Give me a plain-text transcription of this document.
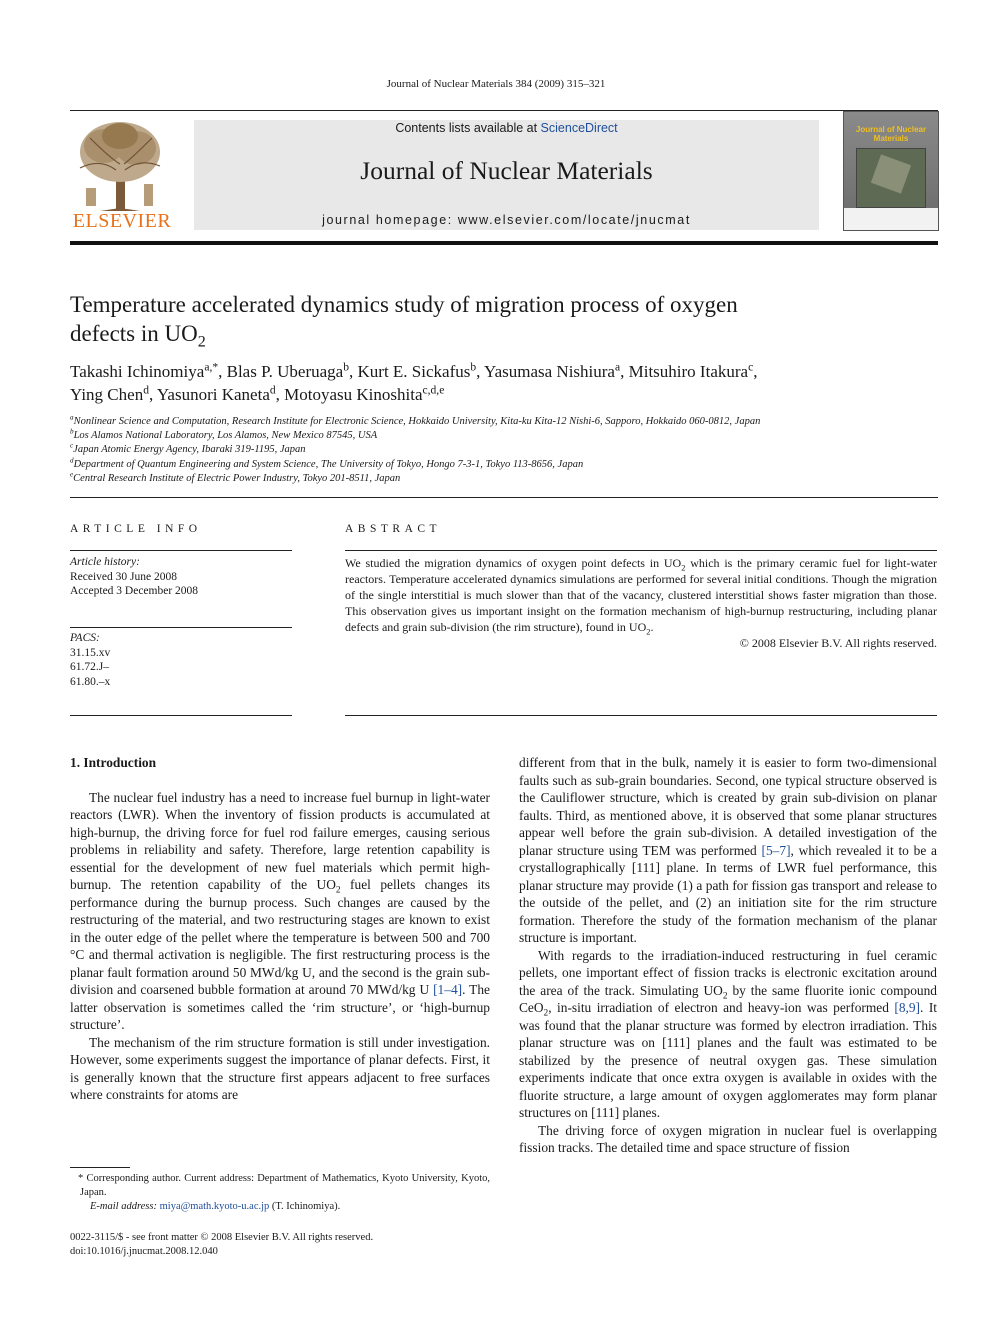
Journal of Nuclear Materials 384 (2009) 315–321
ELSEVIER
Contents lists available at ScienceDirect
Journal of Nuclear Materials
journal homepage: www.elsevier.com/locate/jnucmat
Journal of Nuclear Materials
Temperature accelerated dynamics study of migration process of oxygen
defects in $UO_2$
Takashi Ichinomiya$^{a,*}$, Blas P. Uberuaga$^b$, Kurt E. Sickafus$^b$, Yasumasa Nishiura$^a$, Mitsuhiro Itakura$^c$,
Ying Chen$^d$, Yasunori Kaneta$^d$, Motoyasu Kinoshita$^{c,d,e}$
$^a$Nonlinear Science and Computation, Research Institute for Electronic Science, Hokkaido University, Kita-ku Kita-12 Nishi-6, Sapporo, Hokkaido 060-0812, Japan
$^b$Los Alamos National Laboratory, Los Alamos, New Mexico 87545, USA
$^c$Japan Atomic Energy Agency, Ibaraki 319-1195, Japan
$^d$Department of Quantum Engineering and System Science, The University of Tokyo, Hongo 7-3-1, Tokyo 113-8656, Japan
$^e$Central Research Institute of Electric Power Industry, Tokyo 201-8511, Japan
ARTICLE INFO
Article history:
Received 30 June 2008
Accepted 3 December 2008
PACS:
31.15.xv
61.72.J–
61.80.–x
ABSTRACT
We studied the migration dynamics of oxygen point defects in $UO_2$ which is the primary ceramic fuel for light-water reactors. Temperature accelerated dynamics simulations are performed for several initial conditions. Though the migration of the single interstitial is much slower than that of the vacancy, clustered interstitial shows faster migration than those. This observation gives us important insight on the formation mechanism of high-burnup restructuring, including planar defects and grain sub-division (the rim structure), found in $UO_2$.
© 2008 Elsevier B.V. All rights reserved.
1. Introduction

The nuclear fuel industry has a need to increase fuel burnup in light-water reactors (LWR). When the inventory of fission products is accumulated at high-burnup, the driving force for fuel rod failure emerges, causing serious problems in reliability and safety. Therefore, large retention capability is essential for the development of new fuel materials which permit high-burnup. The retention capability of the $UO_2$ fuel pellets changes its performance during the burnup process. Such changes are caused by the restructuring of the material, and two restructuring stages are known to exist in the outer edge of the pellet where the temperature is between 500 and 700 °C and thermal activation is negligible. The first restructuring process is the planar fault formation around 50 MWd/kg U, and the second is the grain sub-division and coarsened bubble formation at around 70 MWd/kg U [1–4]. The latter observation is sometimes called the ‘rim structure’, or ‘high-burnup structure’.

The mechanism of the rim structure formation is still under investigation. However, some experiments suggest the importance of planar defects. First, it is generally known that the structure first appears adjacent to free surfaces where constraints for atoms are

* Corresponding author. Current address: Department of Mathematics, Kyoto University, Kyoto, Japan.
E-mail address: miya@math.kyoto-u.ac.jp (T. Ichinomiya).
0022-3115/$ - see front matter © 2008 Elsevier B.V. All rights reserved.
doi:10.1016/j.jnucmat.2008.12.040

different from that in the bulk, namely it is easier to form two-dimensional faults such as sub-grain boundaries. Second, one typical structure observed is the Cauliflower structure, which is created by grain sub-division on planar faults. Third, as mentioned above, it is observed that some planar structures appear well before the grain sub-division. A detailed investigation of the planar structure using TEM was performed [5–7], which revealed it to be a crystallographically [111] plane. In terms of LWR fuel performance, this planar structure may provide (1) a path for fission gas transport and release to the outside of the pellet, and (2) an initiation site for the rim structure formation. Therefore the study of the formation mechanism of the planar structure is important.

With regards to the irradiation-induced restructuring in fuel ceramic pellets, one important effect of fission tracks is electronic excitation around the area of the track. Simulating $UO_2$ by the same fluorite ionic compound CeO$_2$, in-situ irradiation of electron and heavy-ion was performed [8,9]. It was found that the planar structure was formed by electron irradiation. This planar structure was on [111] planes and the fault was estimated to be stabilized by the presence of neutral oxygen gas. These simulation experiments indicate that once extra oxygen is available in oxides with the fluorite structure, a large amount of oxygen agglomerates may form planar structures on [111] planes.

The driving force of oxygen migration in nuclear fuel is overlapping fission tracks. The detailed time and space structure of fission
